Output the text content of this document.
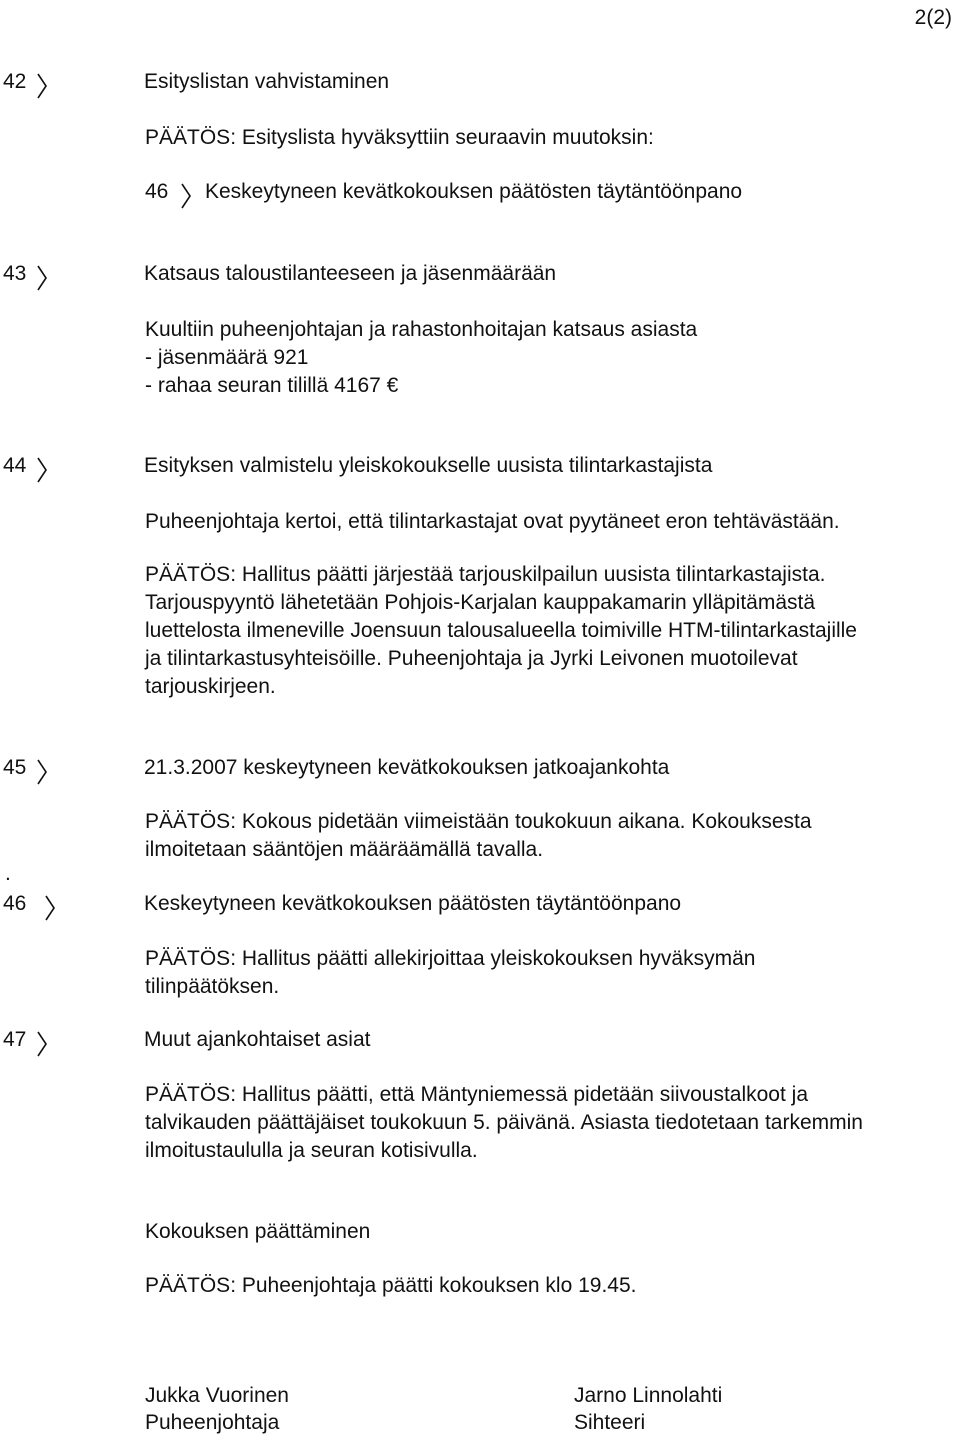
2(2)
42	Esityslistan vahvistaminen
PÄÄTÖS: Esityslista hyväksyttiin seuraavin muutoksin:
46 Keskeytyneen kevätkokouksen päätösten täytäntöönpano
43	Katsaus taloustilanteeseen ja jäsenmäärään
Kuultiin puheenjohtajan ja rahastonhoitajan katsaus asiasta
- jäsenmäärä 921
- rahaa seuran tilillä 4167 €
44	Esityksen valmistelu yleiskokoukselle uusista tilintarkastajista
Puheenjohtaja kertoi, että tilintarkastajat ovat pyytäneet eron tehtävästään.
PÄÄTÖS: Hallitus päätti järjestää tarjouskilpailun uusista tilintarkastajista.
Tarjouspyyntö lähetetään Pohjois-Karjalan kauppakamarin ylläpitämästä
luettelosta ilmeneville Joensuun talousalueella toimiville HTM-tilintarkastajille
ja tilintarkastusyhteisöille. Puheenjohtaja ja Jyrki Leivonen muotoilevat
tarjouskirjeen.
45	21.3.2007 keskeytyneen kevätkokouksen jatkoajankohta
PÄÄTÖS: Kokous pidetään viimeistään toukokuun aikana. Kokouksesta
ilmoitetaan sääntöjen määräämällä tavalla.
.
46	Keskeytyneen kevätkokouksen päätösten täytäntöönpano
PÄÄTÖS: Hallitus päätti allekirjoittaa yleiskokouksen hyväksymän
tilinpäätöksen.
47	Muut ajankohtaiset asiat
PÄÄTÖS: Hallitus päätti, että Mäntyniemessä pidetään siivoustalkoot ja
talvikauden päättäjäiset toukokuun 5. päivänä. Asiasta tiedotetaan tarkemmin
ilmoitustaululla ja seuran kotisivulla.
Kokouksen päättäminen
PÄÄTÖS: Puheenjohtaja päätti kokouksen klo 19.45.
Jukka Vuorinen
Puheenjohtaja
Jarno Linnolahti
Sihteeri
